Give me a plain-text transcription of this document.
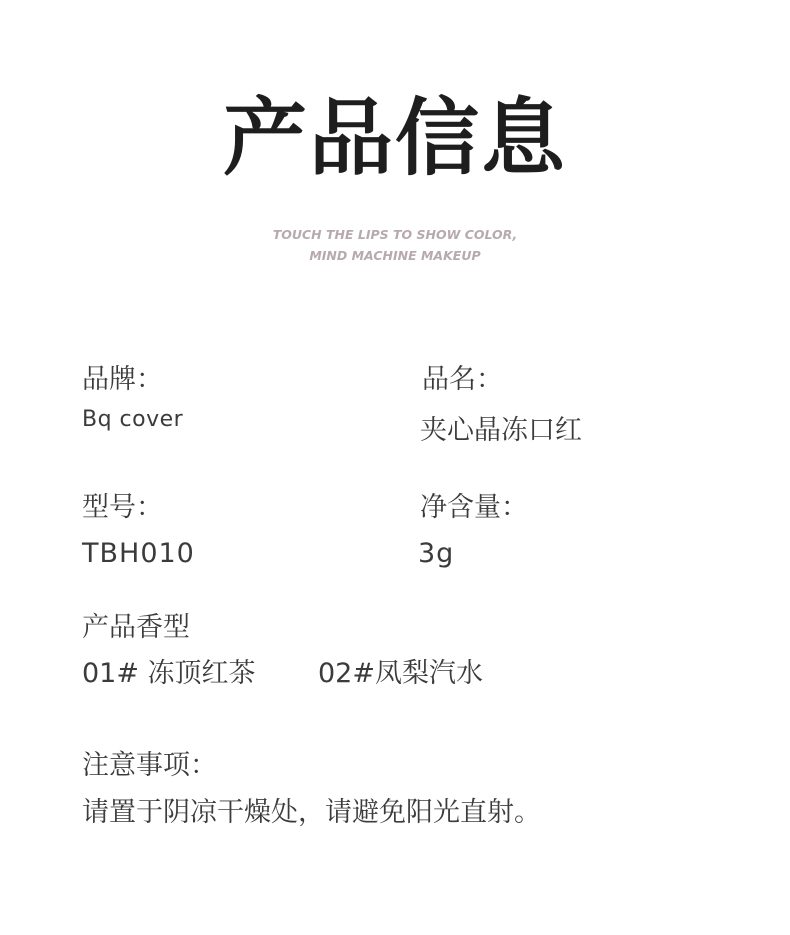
产品信息
TOUCH THE LIPS TO SHOW COLOR,
MIND MACHINE MAKEUP
品牌：
Bq cover
品名：
夹心晶冻口红
型号：
TBH010
净含量：
3g
产品香型
01# 冻顶红茶 02#凤梨汽水
注意事项：
请置于阴凉干燥处，请避免阳光直射。
